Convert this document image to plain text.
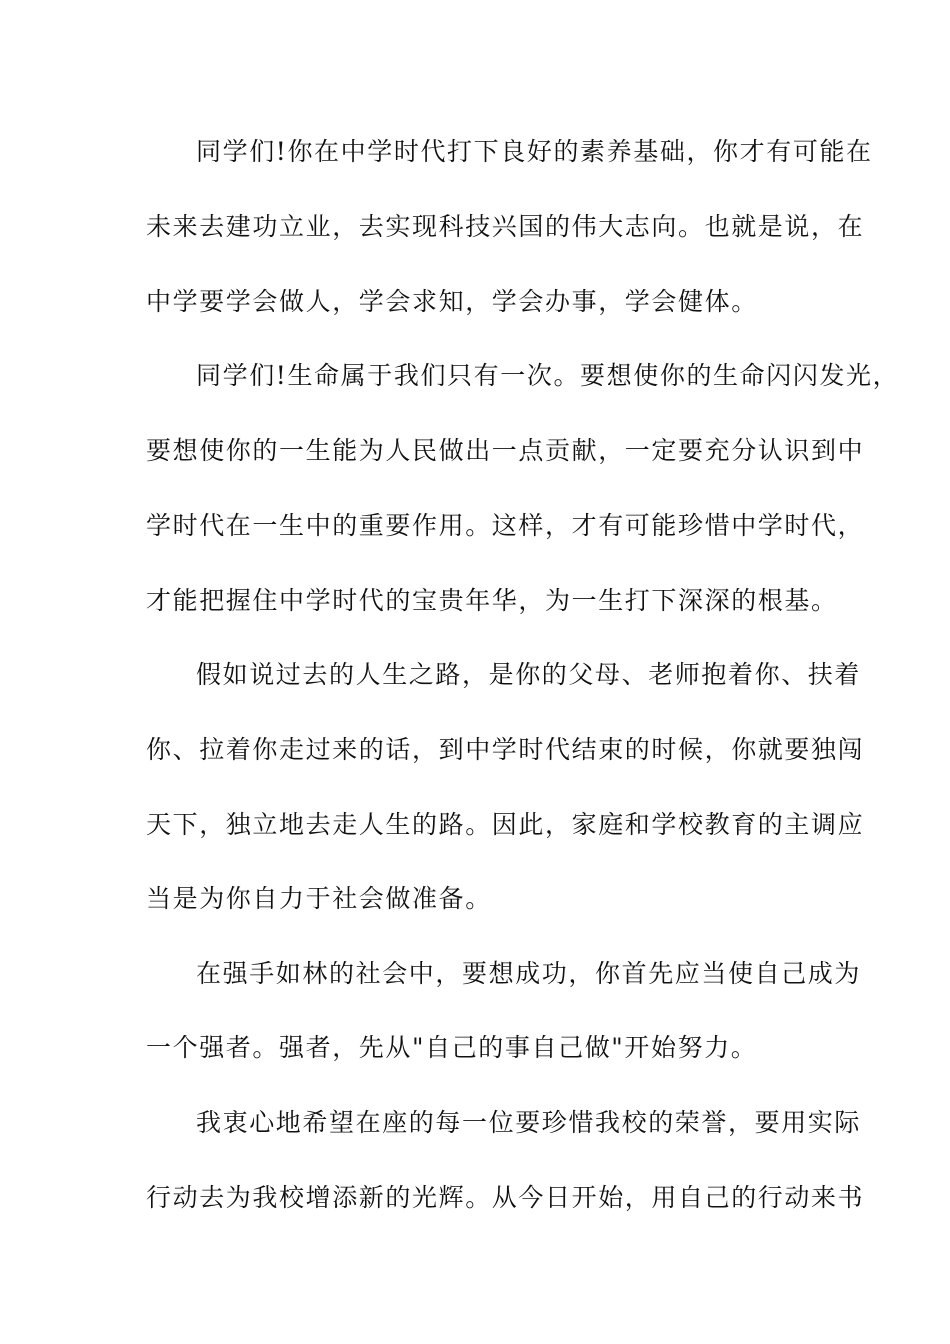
同学们!你在中学时代打下良好的素养基础，你才有可能在
未来去建功立业，去实现科技兴国的伟大志向。也就是说，在
中学要学会做人，学会求知，学会办事，学会健体。
同学们!生命属于我们只有一次。要想使你的生命闪闪发光，
要想使你的一生能为人民做出一点贡献，一定要充分认识到中
学时代在一生中的重要作用。这样，才有可能珍惜中学时代，
才能把握住中学时代的宝贵年华，为一生打下深深的根基。
假如说过去的人生之路，是你的父母、老师抱着你、扶着
你、拉着你走过来的话，到中学时代结束的时候，你就要独闯
天下，独立地去走人生的路。因此，家庭和学校教育的主调应
当是为你自力于社会做准备。
在强手如林的社会中，要想成功，你首先应当使自己成为
一个强者。强者，先从"自己的事自己做"开始努力。
我衷心地希望在座的每一位要珍惜我校的荣誉，要用实际
行动去为我校增添新的光辉。从今日开始，用自己的行动来书
